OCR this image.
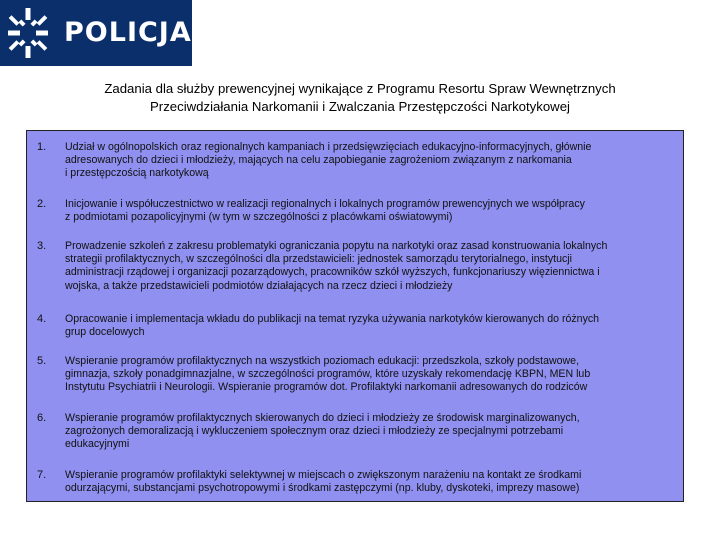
POLICJA
Zadania dla służby prewencyjnej wynikające z Programu Resortu Spraw Wewnętrznych
Przeciwdziałania Narkomanii i Zwalczania Przestępczości Narkotykowej
1. Udział w ogólnopolskich oraz regionalnych kampaniach i przedsięwzięciach edukacyjno-informacyjnych, głównie
adresowanych do dzieci i młodzieży, mających na celu zapobieganie zagrożeniom związanym z narkomania
i przestępczością narkotykową
2. Inicjowanie i współuczestnictwo w realizacji regionalnych i lokalnych programów prewencyjnych we współpracy
z podmiotami pozapolicyjnymi (w tym w szczególności z placówkami oświatowymi)
3. Prowadzenie szkoleń z zakresu problematyki ograniczania popytu na narkotyki oraz zasad konstruowania lokalnych
strategii profilaktycznych, w szczególności dla przedstawicieli: jednostek samorządu terytorialnego, instytucji
administracji rządowej i organizacji pozarządowych, pracowników szkół wyższych, funkcjonariuszy więziennictwa i
wojska, a także przedstawicieli podmiotów działających na rzecz dzieci i młodzieży
4. Opracowanie i implementacja wkładu do publikacji na temat ryzyka używania narkotyków kierowanych do różnych
grup docelowych
5. Wspieranie programów profilaktycznych na wszystkich poziomach edukacji: przedszkola, szkoły podstawowe,
gimnazja, szkoły ponadgimnazjalne, w szczególności programów, które uzyskały rekomendację KBPN, MEN lub
Instytutu Psychiatrii i Neurologii. Wspieranie programów dot. Profilaktyki narkomanii adresowanych do rodziców
6. Wspieranie programów profilaktycznych skierowanych do dzieci i młodzieży ze środowisk marginalizowanych,
zagrożonych demoralizacją i wykluczeniem społecznym oraz dzieci i młodzieży ze specjalnymi potrzebami
edukacyjnymi
7. Wspieranie programów profilaktyki selektywnej w miejscach o zwiększonym narażeniu na kontakt ze środkami
odurzającymi, substancjami psychotropowymi i środkami zastępczymi (np. kluby, dyskoteki, imprezy masowe)
